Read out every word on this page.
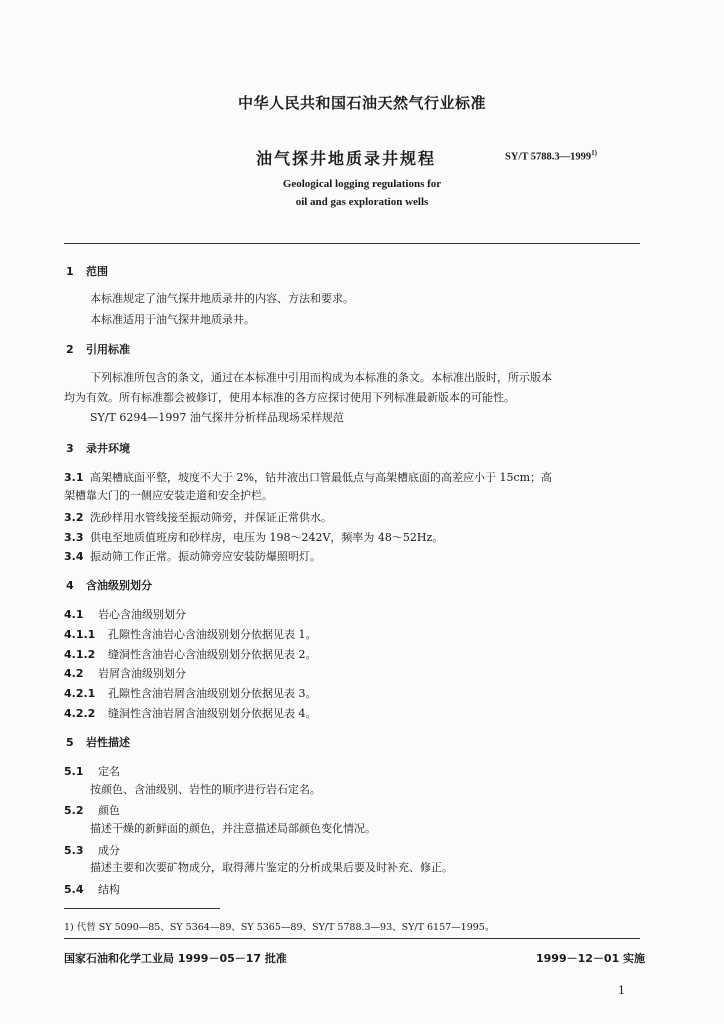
中华人民共和国石油天然气行业标准
油气探井地质录井规程	SY/T 5788.3—1999$^{1)}$
Geological logging regulations for
oil and gas exploration wells
1 范围
本标准规定了油气探井地质录井的内容、方法和要求。
本标准适用于油气探井地质录井。
2 引用标准
下列标准所包含的条文，通过在本标准中引用而构成为本标准的条文。本标准出版时，所示版本
均为有效。所有标准都会被修订，使用本标准的各方应探讨使用下列标准最新版本的可能性。
SY/T 6294—1997 油气探井分析样品现场采样规范
3 录井环境
3.1 高架槽底面平整，坡度不大于 2%，钻井液出口管最低点与高架槽底面的高差应小于 15cm；高
架槽靠大门的一侧应安装走道和安全护栏。
3.2 洗砂样用水管线接至振动筛旁，并保证正常供水。
3.3 供电至地质值班房和砂样房，电压为 198～242V，频率为 48～52Hz。
3.4 振动筛工作正常。振动筛旁应安装防爆照明灯。
4 含油级别划分
4.1 岩心含油级别划分
4.1.1 孔隙性含油岩心含油级别划分依据见表 1。
4.1.2 缝洞性含油岩心含油级别划分依据见表 2。
4.2 岩屑含油级别划分
4.2.1 孔隙性含油岩屑含油级别划分依据见表 3。
4.2.2 缝洞性含油岩屑含油级别划分依据见表 4。
5 岩性描述
5.1 定名
按颜色、含油级别、岩性的顺序进行岩石定名。
5.2 颜色
描述干燥的新鲜面的颜色，并注意描述局部颜色变化情况。
5.3 成分
描述主要和次要矿物成分，取得薄片鉴定的分析成果后要及时补充、修正。
5.4 结构
1) 代替 SY 5090—85、SY 5364—89、SY 5365—89、SY/T 5788.3—93、SY/T 6157—1995。
国家石油和化学工业局 1999－05－17 批准	1999－12－01 实施
1
